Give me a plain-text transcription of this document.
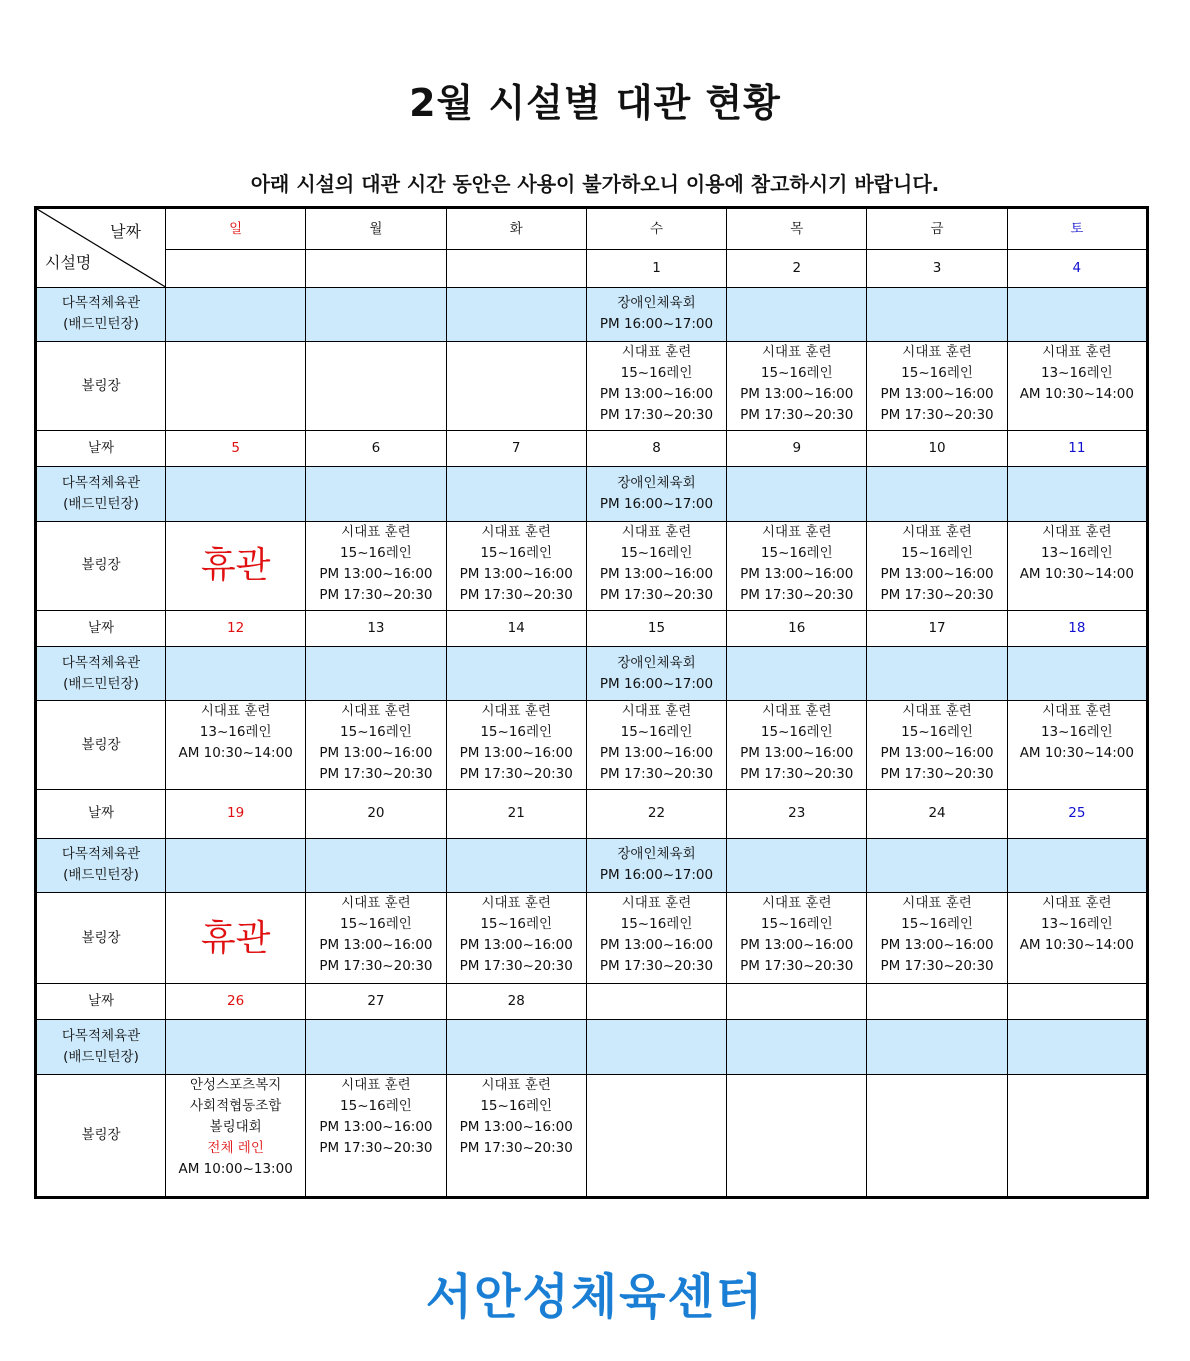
2월 시설별 대관 현황
아래 시설의 대관 시간 동안은 사용이 불가하오니 이용에 참고하시기 바랍니다.
날짜
시설명	일	월	화	수	목	금	토
				1	2	3	4

다목적체육관
(배드민턴장)				장애인체육회
PM 16:00~17:00			

볼링장				시대표 훈련
15~16레인
PM 13:00~16:00
PM 17:30~20:30	시대표 훈련
15~16레인
PM 13:00~16:00
PM 17:30~20:30	시대표 훈련
15~16레인
PM 13:00~16:00
PM 17:30~20:30	시대표 훈련
13~16레인
AM 10:30~14:00

날짜	5	6	7	8	9	10	11

다목적체육관
(배드민턴장)				장애인체육회
PM 16:00~17:00			

볼링장	휴관	시대표 훈련
15~16레인
PM 13:00~16:00
PM 17:30~20:30	시대표 훈련
15~16레인
PM 13:00~16:00
PM 17:30~20:30	시대표 훈련
15~16레인
PM 13:00~16:00
PM 17:30~20:30	시대표 훈련
15~16레인
PM 13:00~16:00
PM 17:30~20:30	시대표 훈련
15~16레인
PM 13:00~16:00
PM 17:30~20:30	시대표 훈련
13~16레인
AM 10:30~14:00

날짜	12	13	14	15	16	17	18

다목적체육관
(배드민턴장)				장애인체육회
PM 16:00~17:00			

볼링장	시대표 훈련
13~16레인
AM 10:30~14:00	시대표 훈련
15~16레인
PM 13:00~16:00
PM 17:30~20:30	시대표 훈련
15~16레인
PM 13:00~16:00
PM 17:30~20:30	시대표 훈련
15~16레인
PM 13:00~16:00
PM 17:30~20:30	시대표 훈련
15~16레인
PM 13:00~16:00
PM 17:30~20:30	시대표 훈련
15~16레인
PM 13:00~16:00
PM 17:30~20:30	시대표 훈련
13~16레인
AM 10:30~14:00

날짜	19	20	21	22	23	24	25

다목적체육관
(배드민턴장)				장애인체육회
PM 16:00~17:00			

볼링장	휴관	시대표 훈련
15~16레인
PM 13:00~16:00
PM 17:30~20:30	시대표 훈련
15~16레인
PM 13:00~16:00
PM 17:30~20:30	시대표 훈련
15~16레인
PM 13:00~16:00
PM 17:30~20:30	시대표 훈련
15~16레인
PM 13:00~16:00
PM 17:30~20:30	시대표 훈련
15~16레인
PM 13:00~16:00
PM 17:30~20:30	시대표 훈련
13~16레인
AM 10:30~14:00

날짜	26	27	28				

다목적체육관
(배드민턴장)							

볼링장	안성스포츠복지
사회적협동조합
볼링대회
전체 레인
AM 10:00~13:00	시대표 훈련
15~16레인
PM 13:00~16:00
PM 17:30~20:30	시대표 훈련
15~16레인
PM 13:00~16:00
PM 17:30~20:30				

서안성체육센터
